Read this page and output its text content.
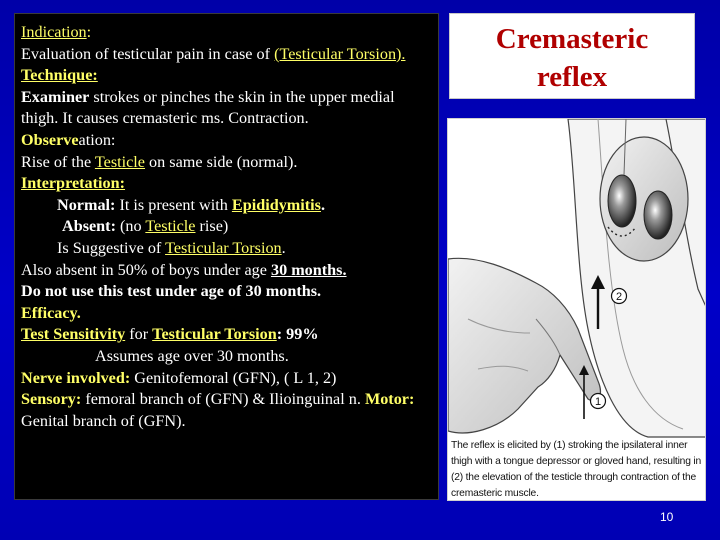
Indication:
Evaluation of testicular pain in case of (Testicular Torsion).

Technique:
Examiner strokes or pinches the skin in the upper medial thigh. It causes cremasteric ms. Contraction.

Observeation:
Rise of the Testicle on same side (normal).

Interpretation:

Normal: It is present with Epididymitis.

Absent: (no Testicle rise)

Is Suggestive of Testicular Torsion.

Also absent in 50% of boys under age 30 months.

Do not use this test under age of 30 months.

Efficacy.

Test Sensitivity for Testicular Torsion: 99%

Assumes age over 30 months.

Nerve involved: Genitofemoral (GFN), ( L 1, 2)

Sensory: femoral branch of (GFN) & Ilioinguinal n. Motor: Genital branch of (GFN).

Cremasteric
reflex
2
1
The reflex is elicited by (1) stroking the ipsilateral inner thigh with a tongue depressor or gloved hand, resulting in (2) the elevation of the testicle through contraction of the cremasteric muscle.
10
